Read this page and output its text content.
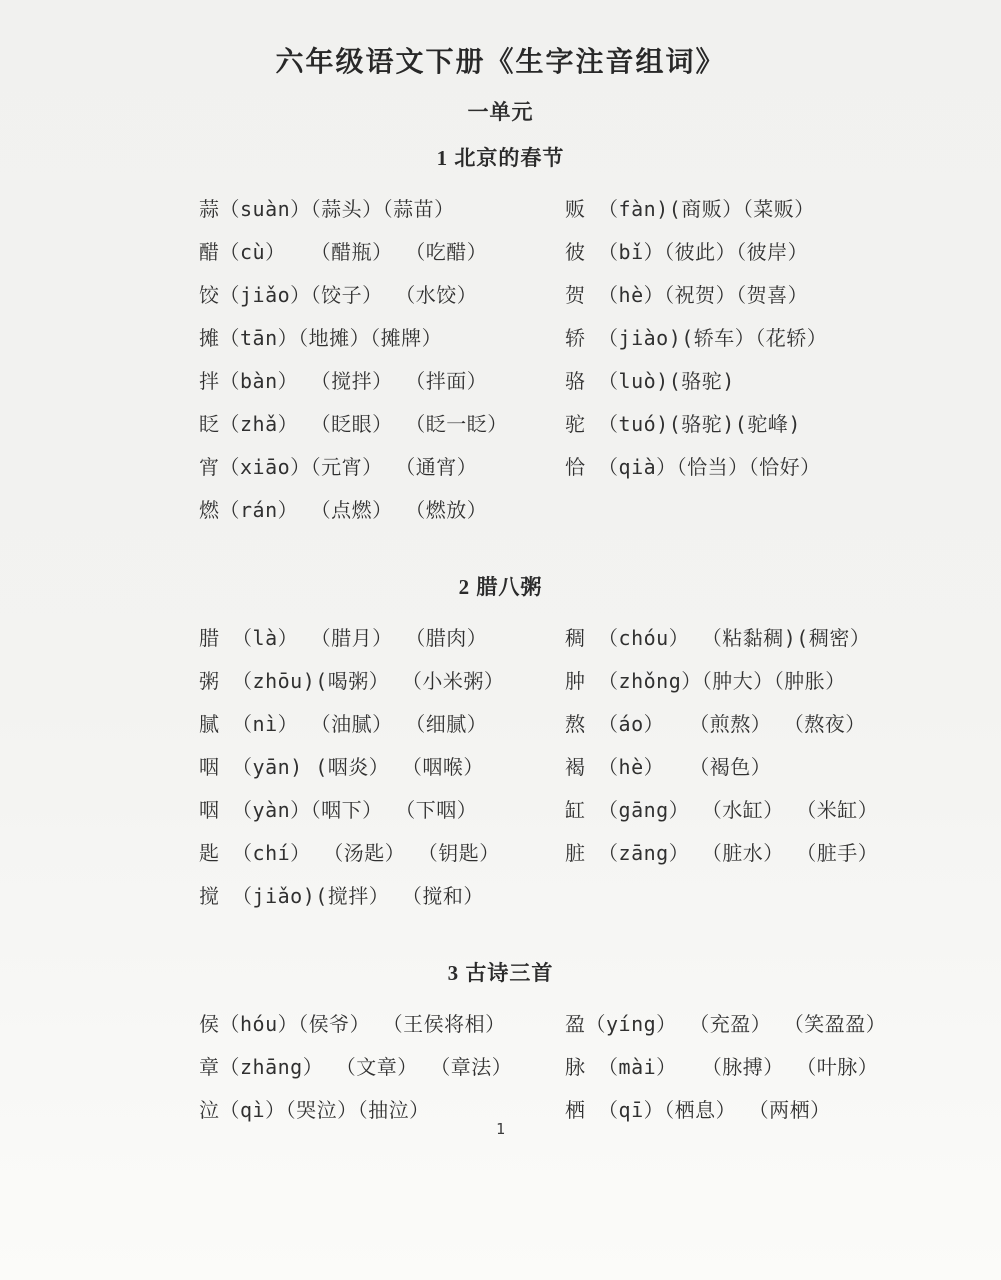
六年级语文下册《生字注音组词》
一单元
1 北京的春节
蒜（suàn）（蒜头）（蒜苗）
醋（cù）  （醋瓶） （吃醋）
饺（jiǎo）（饺子） （水饺）
摊（tān）（地摊）（摊牌）
拌（bàn） （搅拌） （拌面）
眨（zhǎ） （眨眼） （眨一眨）
宵（xiāo）（元宵） （通宵）
燃（rán） （点燃） （燃放）
贩 （fàn)(商贩）（菜贩）
彼 （bǐ）（彼此）（彼岸）
贺 （hè）（祝贺）（贺喜）
轿 （jiào)(轿车）（花轿）
骆 （luò)(骆驼)
驼 （tuó)(骆驼)(驼峰)
恰 （qià）（恰当）（恰好）
2 腊八粥
腊 （là） （腊月） （腊肉）
粥 （zhōu)(喝粥） （小米粥）
腻 （nì） （油腻） （细腻）
咽 （yān) (咽炎） （咽喉）
咽 （yàn）（咽下） （下咽）
匙 （chí） （汤匙） （钥匙）
搅 （jiǎo)(搅拌） （搅和）
稠 （chóu） （粘黏稠)(稠密）
肿 （zhǒng）（肿大）（肿胀）
熬 （áo）  （煎熬） （熬夜）
褐 （hè）  （褐色）
缸 （gāng） （水缸） （米缸）
脏 （zāng） （脏水） （脏手）
3 古诗三首
侯（hóu）（侯爷） （王侯将相）
章（zhāng） （文章） （章法）
泣（qì）（哭泣）（抽泣）
盈（yíng） （充盈） （笑盈盈）
脉 （mài）  （脉搏） （叶脉）
栖 （qī）（栖息） （两栖）
1
